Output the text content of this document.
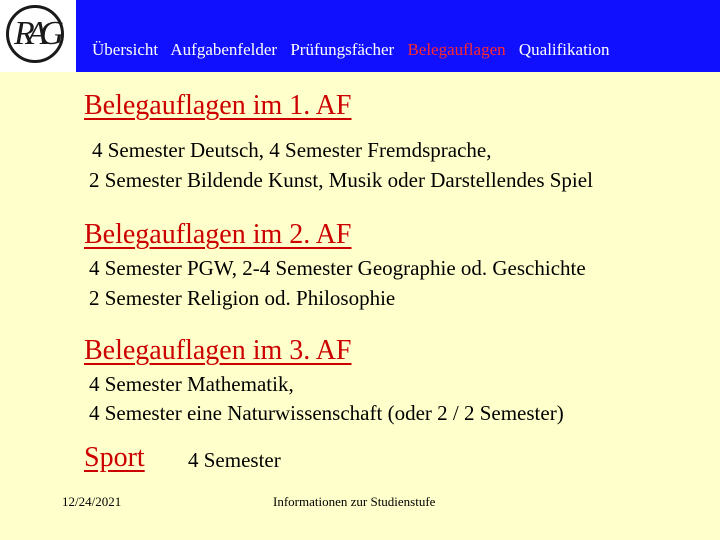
RAG	Übersicht Aufgabenfelder Prüfungsfächer Belegauflagen Qualifikation
Belegauflagen im 1. AF
4 Semester Deutsch, 4 Semester Fremdsprache,
2 Semester Bildende Kunst, Musik oder Darstellendes Spiel
Belegauflagen im 2. AF
4 Semester PGW, 2-4 Semester Geographie od. Geschichte
2 Semester Religion od. Philosophie
Belegauflagen im 3. AF
4 Semester Mathematik,
4 Semester eine Naturwissenschaft (oder 2 / 2 Semester)
Sport 4 Semester
12/24/2021	Informationen zur Studienstufe
